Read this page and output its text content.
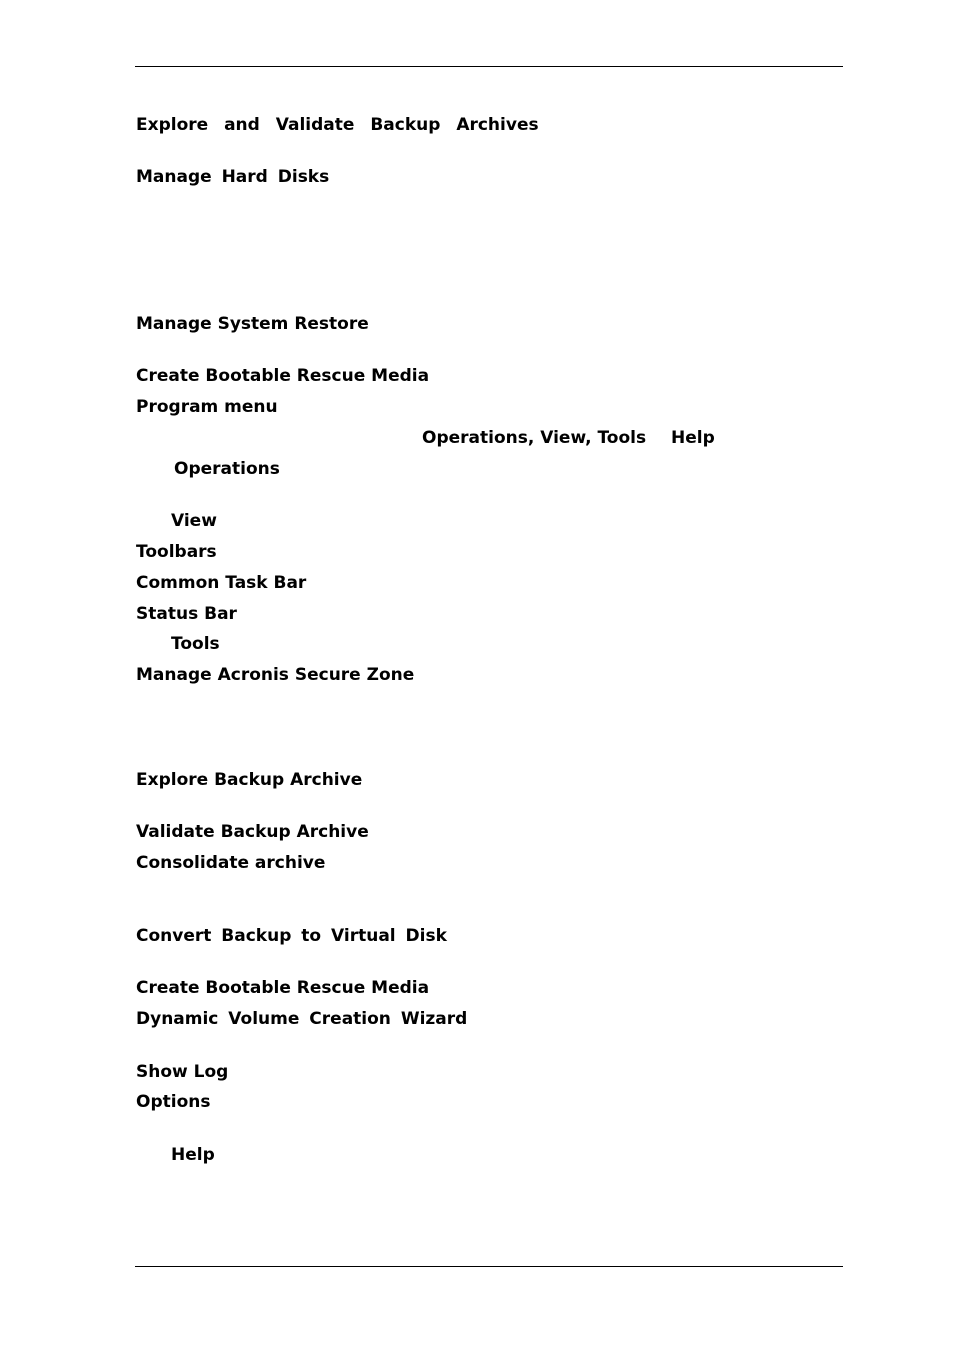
Explore and Validate Backup Archives
Manage Hard Disks
Manage System Restore
Create Bootable Rescue Media
Program menu
Operations, View, Tools Help
Operations
View
Toolbars
Common Task Bar
Status Bar
Tools
Manage Acronis Secure Zone
Explore Backup Archive
Validate Backup Archive
Consolidate archive
Convert Backup to Virtual Disk
Create Bootable Rescue Media
Dynamic Volume Creation Wizard
Show Log
Options
Help
